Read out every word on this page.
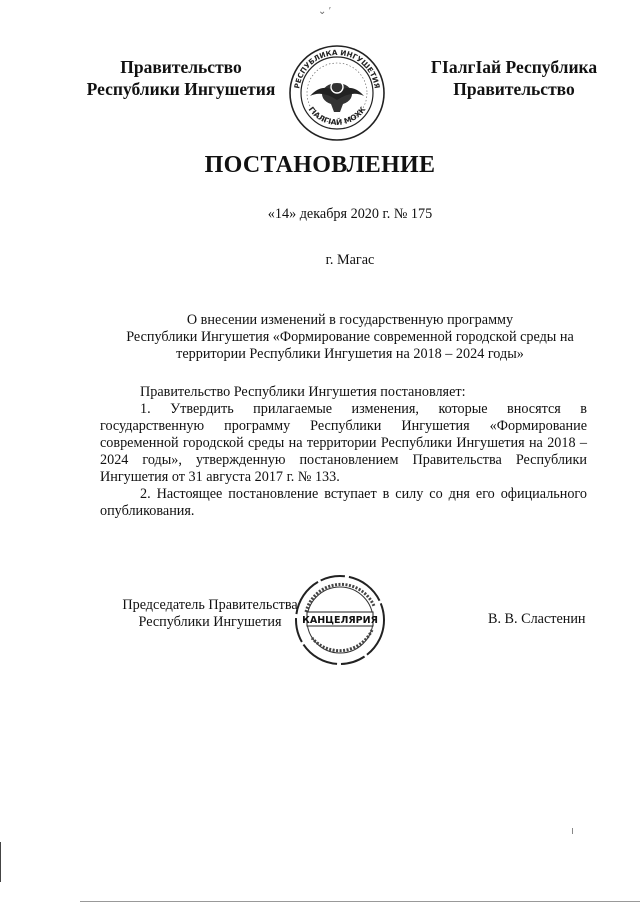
⌄ ′
Правительство
Республики Ингушетия	РЕСПУБЛИКА ИНГУШЕТИЯ
ГIАЛГIАЙ МОХК
ГIалгIай Республика
Правительство
ПОСТАНОВЛЕНИЕ
«14» декабря 2020 г. № 175
г. Магас
О внесении изменений в государственную программу
Республики Ингушетия «Формирование современной городской среды на
территории Республики Ингушетия на 2018 – 2024 годы»
Правительство Республики Ингушетия постановляет:
1. Утвердить прилагаемые изменения, которые вносятся в государственную программу Республики Ингушетия «Формирование современной городской среды на территории Республики Ингушетия на 2018 – 2024 годы», утвержденную постановлением Правительства Республики Ингушетия от 31 августа 2017 г. № 133.
2. Настоящее постановление вступает в силу со дня его официального опубликования.
Председатель Правительства
Республики Ингушетия	КАНЦЕЛЯРИЯ	В. В. Сластенин
